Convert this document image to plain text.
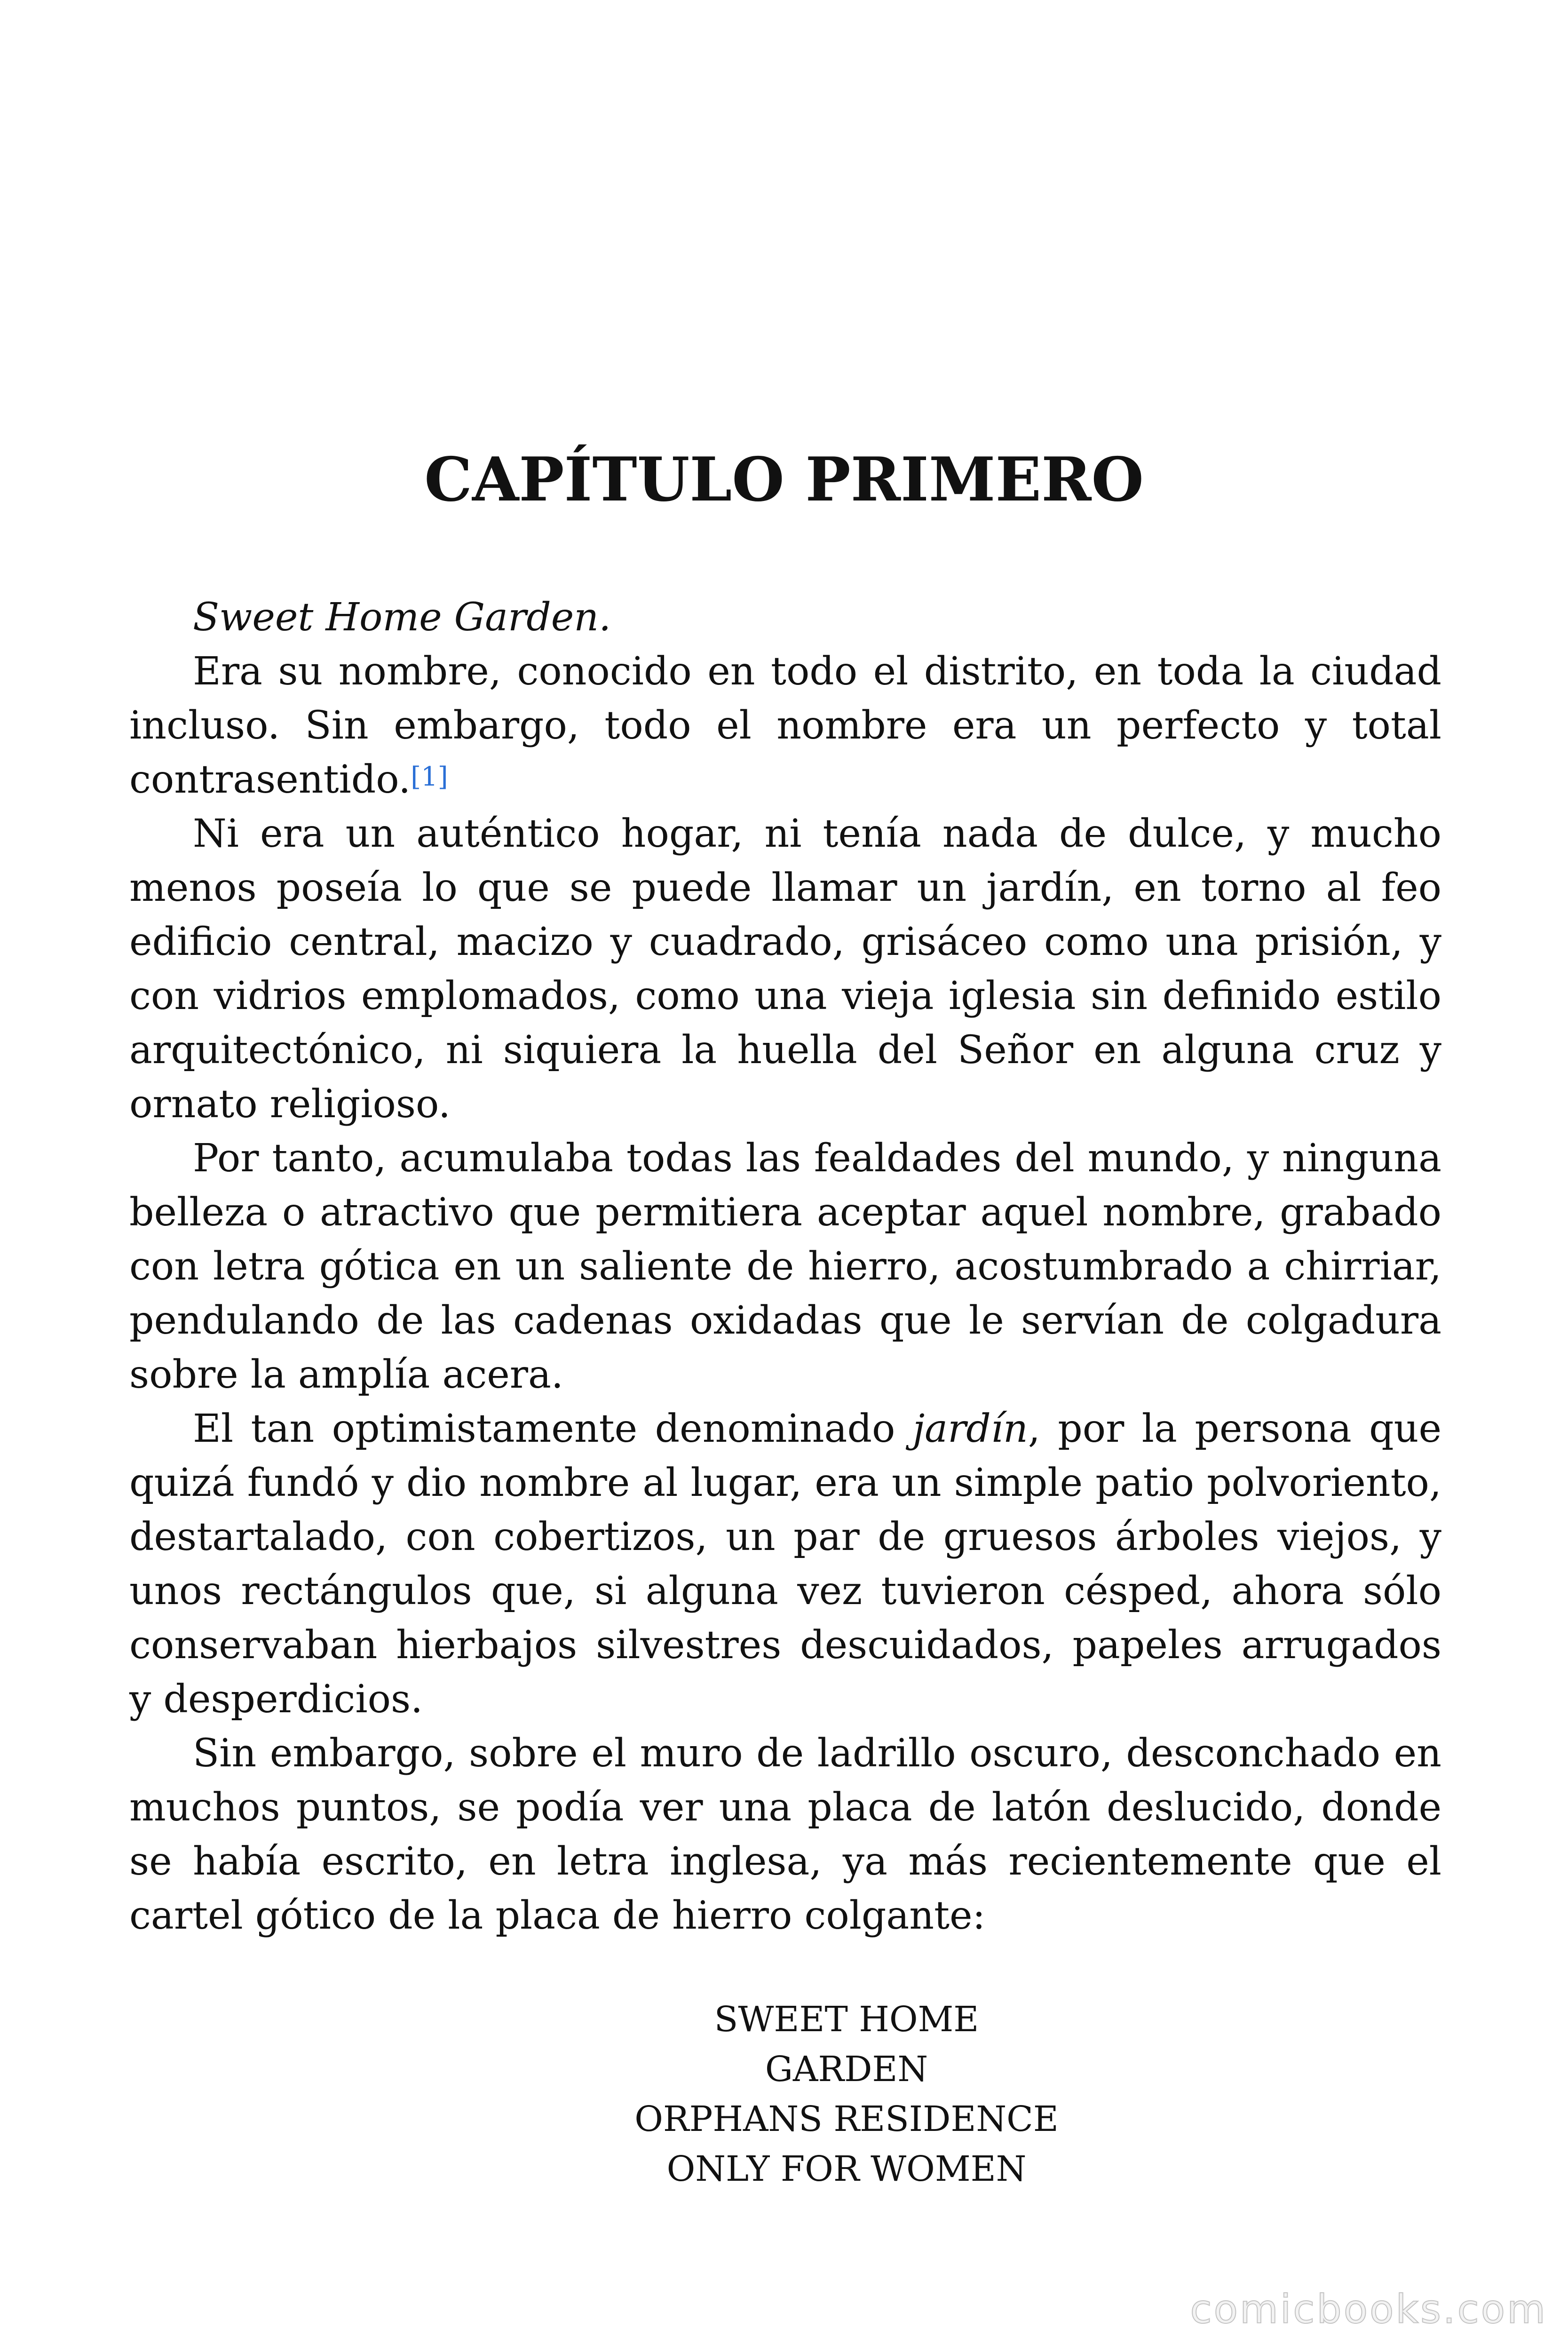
CAPÍTULO PRIMERO

Sweet Home Garden.

Era su nombre, conocido en todo el distrito, en toda la ciudad incluso. Sin embargo, todo el nombre era un perfecto y total contrasentido.[1]

Ni era un auténtico hogar, ni tenía nada de dulce, y mucho menos poseía lo que se puede llamar un jardín, en torno al feo edificio central, macizo y cuadrado, grisáceo como una prisión, y con vidrios emplomados, como una vieja iglesia sin definido estilo arquitectónico, ni siquiera la huella del Señor en alguna cruz y ornato religioso.

Por tanto, acumulaba todas las fealdades del mundo, y ninguna belleza o atractivo que permitiera aceptar aquel nombre, grabado con letra gótica en un saliente de hierro, acostumbrado a chirriar, pendulando de las cadenas oxidadas que le servían de colgadura sobre la amplía acera.

El tan optimistamente denominado jardín, por la persona que quizá fundó y dio nombre al lugar, era un simple patio polvoriento, destartalado, con cobertizos, un par de gruesos árboles viejos, y unos rectángulos que, si alguna vez tuvieron césped, ahora sólo conservaban hierbajos silvestres descuidados, papeles arrugados y desperdicios.

Sin embargo, sobre el muro de ladrillo oscuro, desconchado en muchos puntos, se podía ver una placa de latón deslucido, donde se había escrito, en letra inglesa, ya más recientemente que el cartel gótico de la placa de hierro colgante:

SWEET HOME GARDEN
ORPHANS RESIDENCE
ONLY FOR WOMEN
comicbooks.com
